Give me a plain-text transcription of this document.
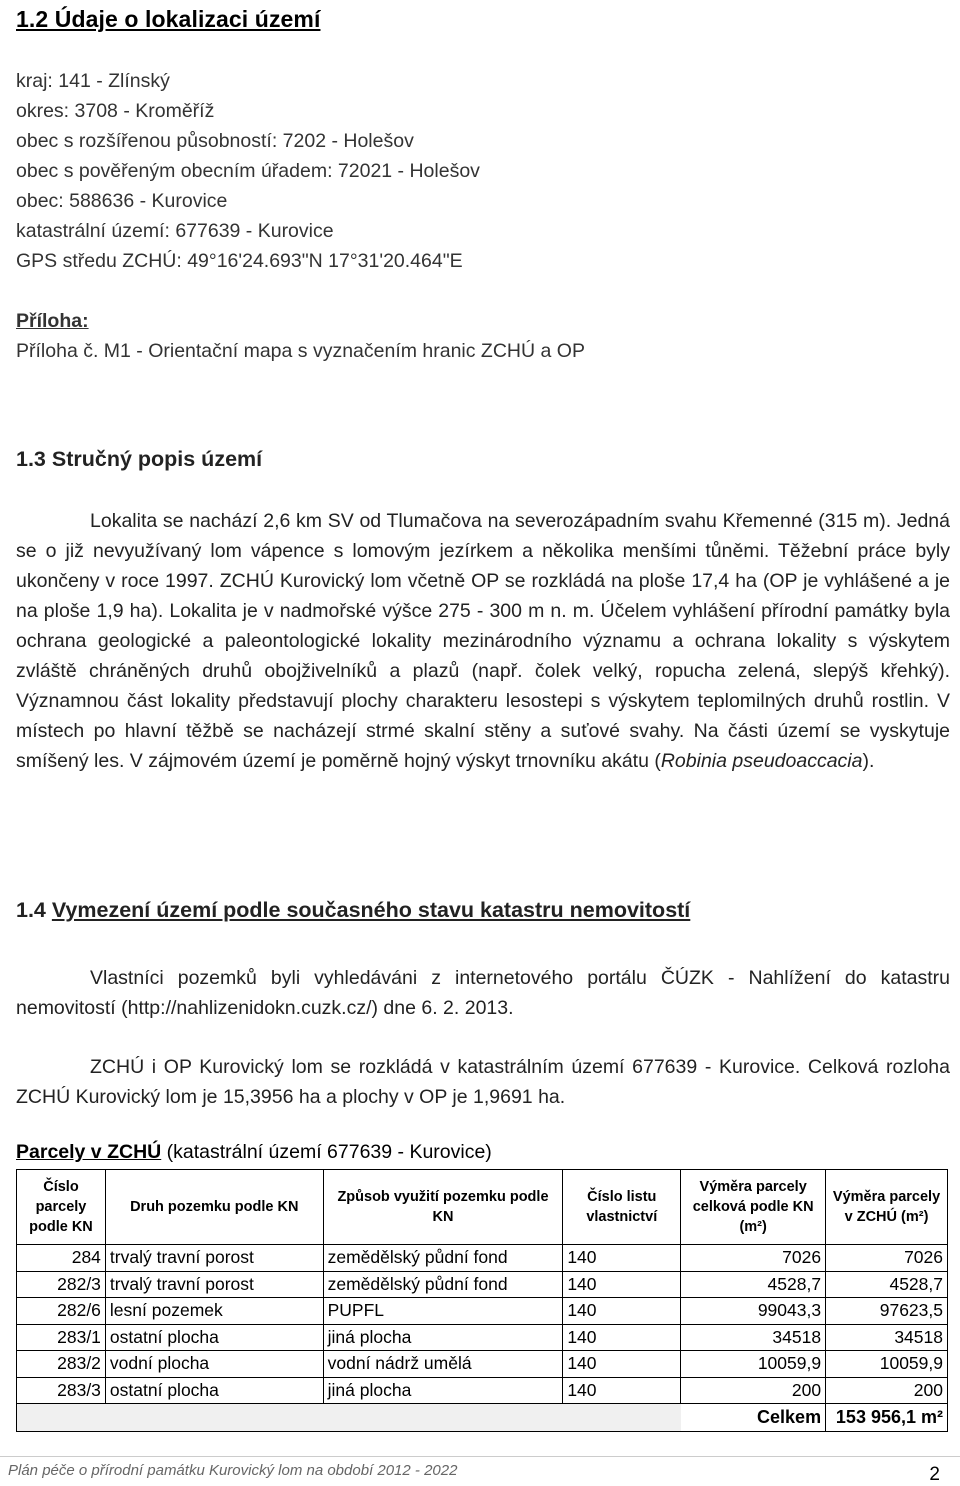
1.2 Údaje o lokalizaci území
kraj: 141 - Zlínský
okres: 3708 - Kroměříž
obec s rozšířenou působností: 7202 - Holešov
obec s pověřeným obecním úřadem: 72021 - Holešov
obec: 588636 - Kurovice
katastrální území: 677639 - Kurovice
GPS středu ZCHÚ: 49°16'24.693"N 17°31'20.464"E
Příloha:
Příloha č. M1 - Orientační mapa s vyznačením hranic ZCHÚ a OP
1.3 Stručný popis území
Lokalita se nachází 2,6 km SV od Tlumačova na severozápadním svahu Křemenné (315 m). Jedná se o již nevyužívaný lom vápence s lomovým jezírkem a několika menšími tůněmi. Těžební práce byly ukončeny v roce 1997. ZCHÚ Kurovický lom včetně OP se rozkládá na ploše 17,4 ha (OP je vyhlášené a je na ploše 1,9 ha). Lokalita je v nadmořské výšce 275 - 300 m n. m. Účelem vyhlášení přírodní památky byla ochrana geologické a paleontologické lokality mezinárodního významu a ochrana lokality s výskytem zvláště chráněných druhů obojživelníků a plazů (např. čolek velký, ropucha zelená, slepýš křehký). Významnou část lokality představují plochy charakteru lesostepi s výskytem teplomilných druhů rostlin. V místech po hlavní těžbě se nacházejí strmé skalní stěny a suťové svahy. Na části území se vyskytuje smíšený les. V zájmovém území je poměrně hojný výskyt trnovníku akátu (Robinia pseudoaccacia).
1.4 Vymezení území podle současného stavu katastru nemovitostí
Vlastníci pozemků byli vyhledáváni z internetového portálu ČÚZK - Nahlížení do katastru nemovitostí (http://nahlizenidokn.cuzk.cz/) dne 6. 2. 2013.
ZCHÚ i OP Kurovický lom se rozkládá v katastrálním území 677639 - Kurovice. Celková rozloha ZCHÚ Kurovický lom je 15,3956 ha a plochy v OP je 1,9691 ha.
Parcely v ZCHÚ (katastrální území 677639 - Kurovice)
Číslo parcely podle KN	Druh pozemku podle KN	Způsob využití pozemku podle KN	Číslo listu vlastnictví	Výměra parcely celková podle KN (m²)	Výměra parcely v ZCHÚ (m²)
284	trvalý travní porost	zemědělský půdní fond	140	7026	7026
282/3	trvalý travní porost	zemědělský půdní fond	140	4528,7	4528,7
282/6	lesní pozemek	PUPFL	140	99043,3	97623,5
283/1	ostatní plocha	jiná plocha	140	34518	34518
283/2	vodní plocha	vodní nádrž umělá	140	10059,9	10059,9
283/3	ostatní plocha	jiná plocha	140	200	200
				Celkem	153 956,1 m²
Plán péče o přírodní památku Kurovický lom na období 2012 - 2022	2
